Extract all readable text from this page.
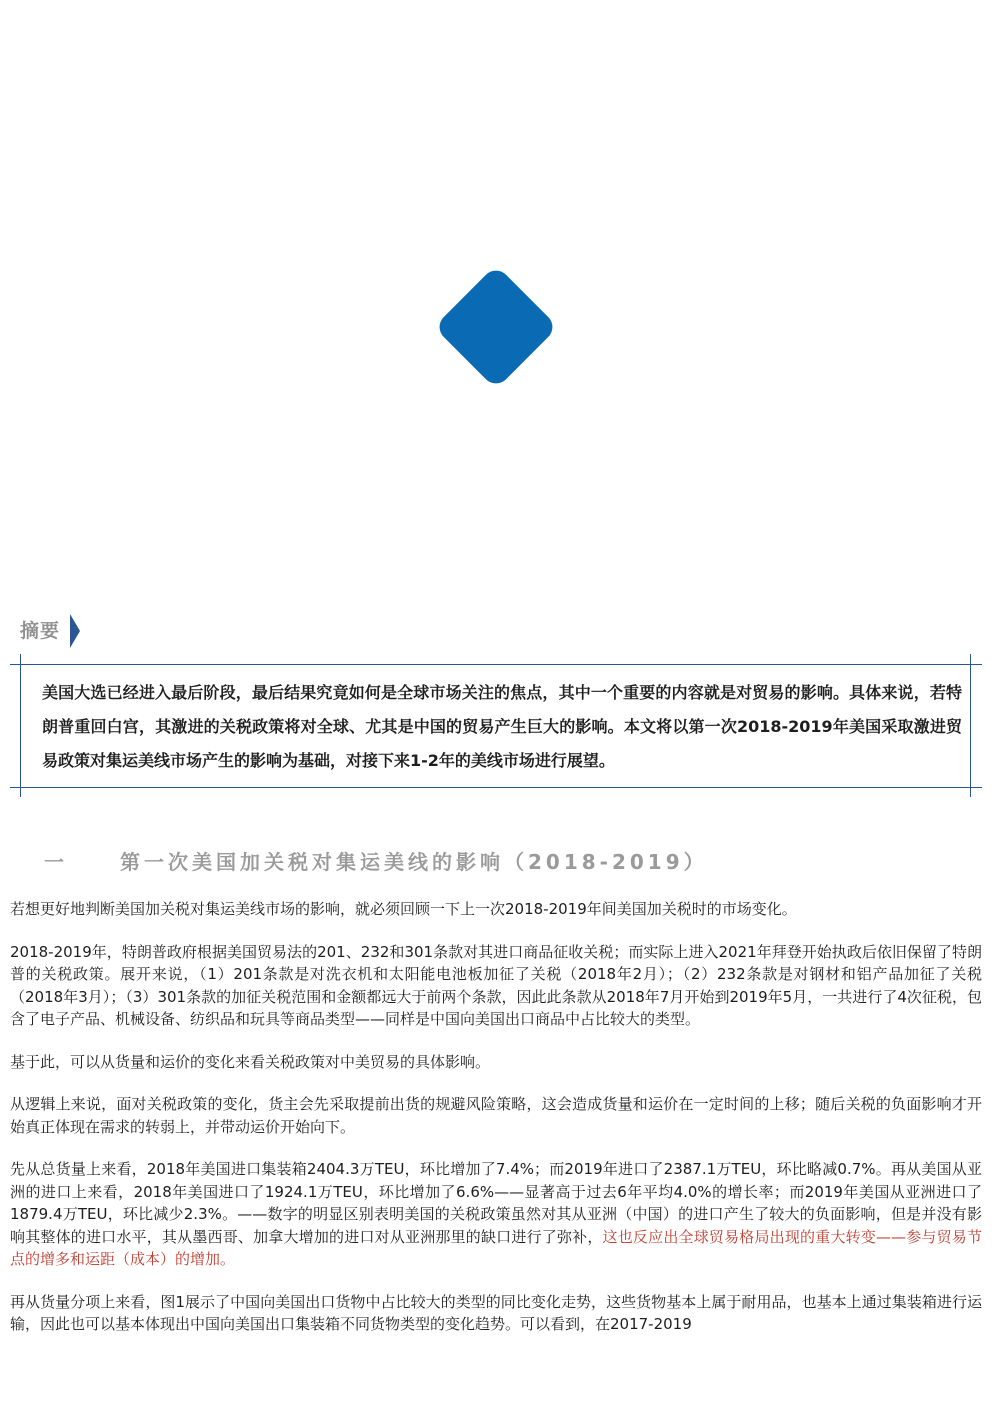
摘要
美国大选已经进入最后阶段，最后结果究竟如何是全球市场关注的焦点，其中一个重要的内容就是对贸易的影响。具体来说，若特朗普重回白宫，其激进的关税政策将对全球、尤其是中国的贸易产生巨大的影响。本文将以第一次2018-2019年美国采取激进贸易政策对集运美线市场产生的影响为基础，对接下来1-2年的美线市场进行展望。
一	第一次美国加关税对集运美线的影响（2018-2019）

若想更好地判断美国加关税对集运美线市场的影响，就必须回顾一下上一次2018-2019年间美国加关税时的市场变化。

2018-2019年，特朗普政府根据美国贸易法的201、232和301条款对其进口商品征收关税；而实际上进入2021年拜登开始执政后依旧保留了特朗普的关税政策。展开来说，（1）201条款是对洗衣机和太阳能电池板加征了关税（2018年2月）；（2）232条款是对钢材和铝产品加征了关税（2018年3月）；（3）301条款的加征关税范围和金额都远大于前两个条款，因此此条款从2018年7月开始到2019年5月，一共进行了4次征税，包含了电子产品、机械设备、纺织品和玩具等商品类型——同样是中国向美国出口商品中占比较大的类型。

基于此，可以从货量和运价的变化来看关税政策对中美贸易的具体影响。

从逻辑上来说，面对关税政策的变化，货主会先采取提前出货的规避风险策略，这会造成货量和运价在一定时间的上移；随后关税的负面影响才开始真正体现在需求的转弱上，并带动运价开始向下。

先从总货量上来看，2018年美国进口集装箱2404.3万TEU，环比增加了7.4%；而2019年进口了2387.1万TEU，环比略减0.7%。再从美国从亚洲的进口上来看，2018年美国进口了1924.1万TEU，环比增加了6.6%——显著高于过去6年平均4.0%的增长率；而2019年美国从亚洲进口了1879.4万TEU，环比减少2.3%。——数字的明显区别表明美国的关税政策虽然对其从亚洲（中国）的进口产生了较大的负面影响，但是并没有影响其整体的进口水平，其从墨西哥、加拿大增加的进口对从亚洲那里的缺口进行了弥补，这也反应出全球贸易格局出现的重大转变——参与贸易节点的增多和运距（成本）的增加。

再从货量分项上来看，图1展示了中国向美国出口货物中占比较大的类型的同比变化走势，这些货物基本上属于耐用品，也基本上通过集装箱进行运输，因此也可以基本体现出中国向美国出口集装箱不同货物类型的变化趋势。可以看到，在2017-2019
